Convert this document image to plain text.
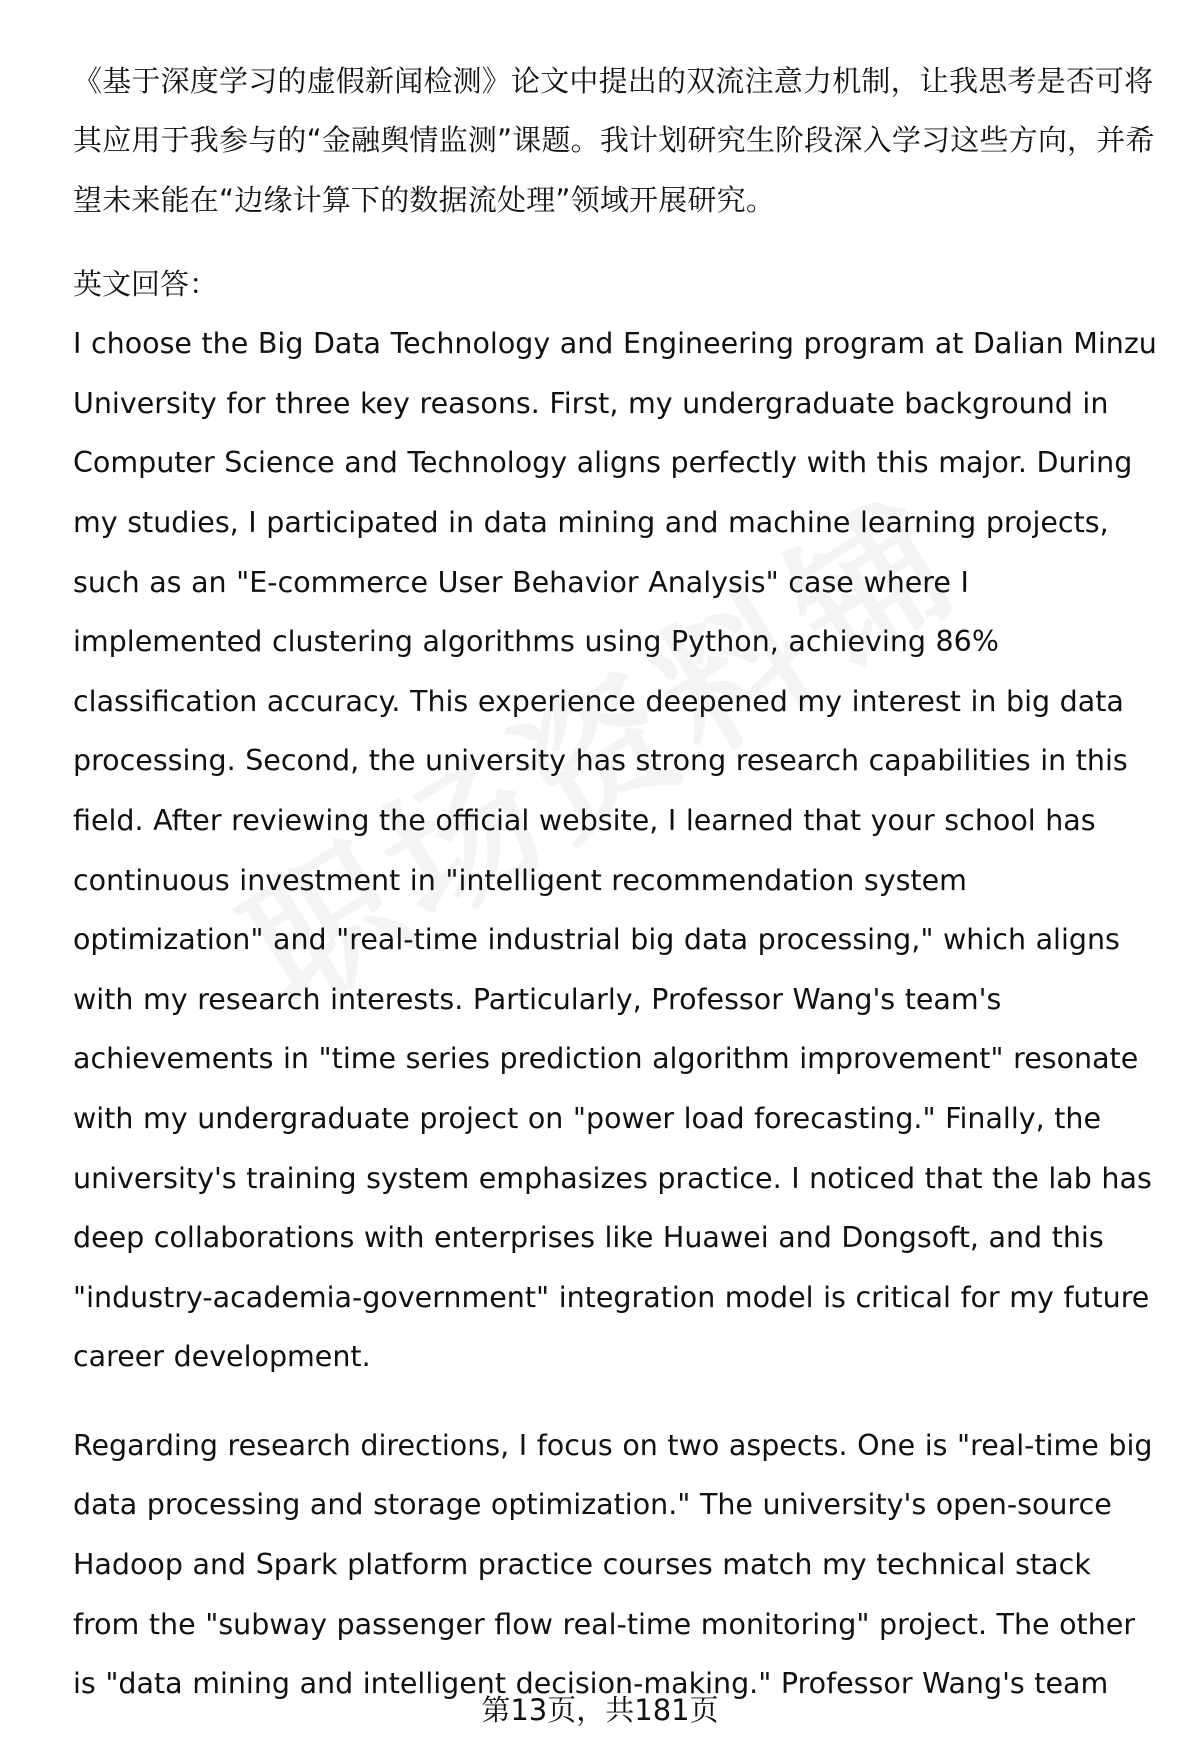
《基于深度学习的虚假新闻检测》论文中提出的双流注意力机制，让我思考是否可将其应用于我参与的“金融舆情监测”课题。我计划研究生阶段深入学习这些方向，并希望未来能在“边缘计算下的数据流处理”领域开展研究。

英文回答：

I choose the Big Data Technology and Engineering program at Dalian Minzu University for three key reasons. First, my undergraduate background in Computer Science and Technology aligns perfectly with this major. During my studies, I participated in data mining and machine learning projects, such as an "E-commerce User Behavior Analysis" case where I implemented clustering algorithms using Python, achieving 86% classification accuracy. This experience deepened my interest in big data processing. Second, the university has strong research capabilities in this field. After reviewing the official website, I learned that your school has continuous investment in "intelligent recommendation system optimization" and "real-time industrial big data processing," which aligns with my research interests. Particularly, Professor Wang's team's achievements in "time series prediction algorithm improvement" resonate with my undergraduate project on "power load forecasting." Finally, the university's training system emphasizes practice. I noticed that the lab has deep collaborations with enterprises like Huawei and Dongsoft, and this "industry-academia-government" integration model is critical for my future career development.

Regarding research directions, I focus on two aspects. One is "real-time big data processing and storage optimization." The university's open-source Hadoop and Spark platform practice courses match my technical stack from the "subway passenger flow real-time monitoring" project. The other is "data mining and intelligent decision-making." Professor Wang's team

第13页，共181页
